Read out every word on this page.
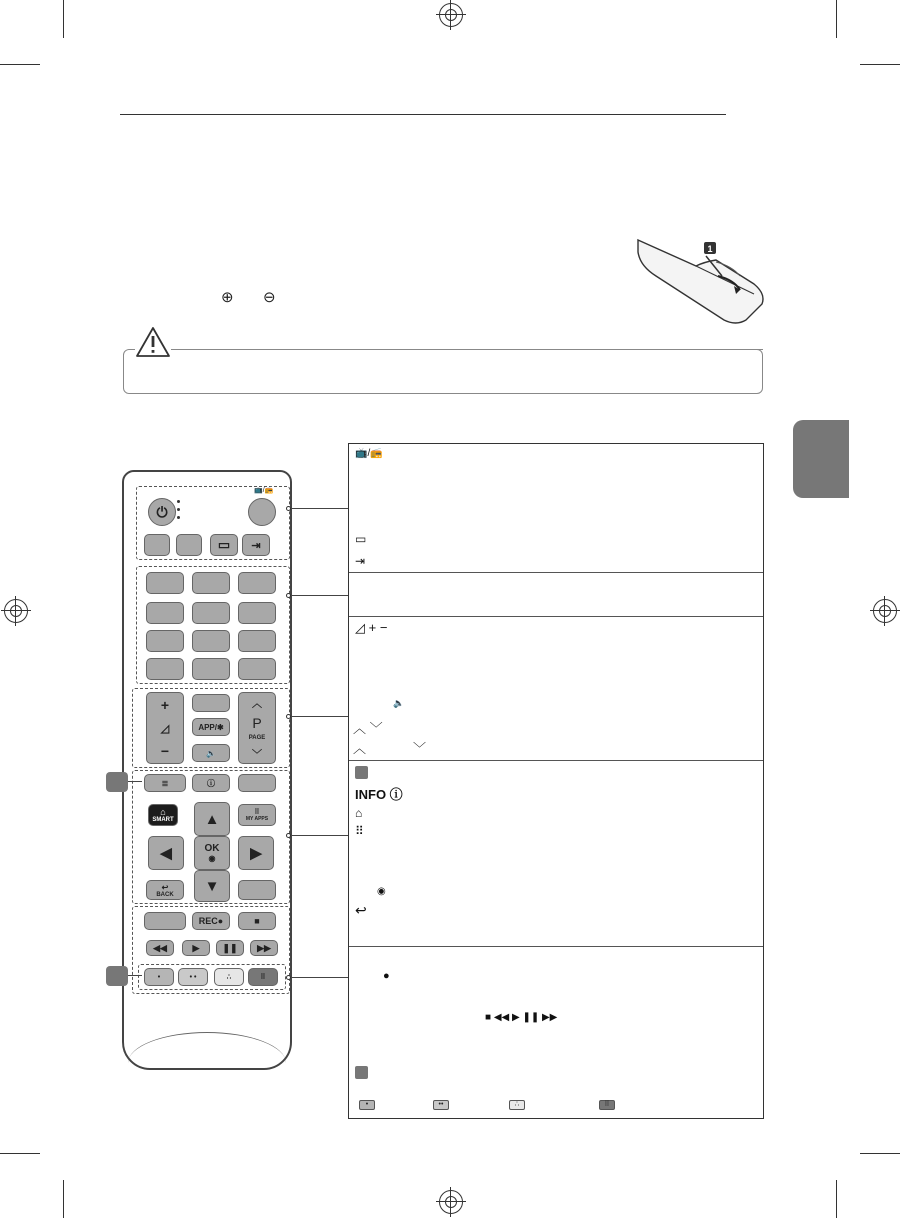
⊕ ⊖
1
⏻
📺/📻
▭	⇥
+
◿
−
APP/✱
🔈
︿
P
PAGE
﹀
≣	ⓘ
⌂
SMART
⠿
MY APPS
▲
◀	OK
◉	▶
▼
↩
BACK
REC●	■
◀◀	▶	❚❚	▶▶
•	• •	∴	⠿
📺/📻
▭
⇥
◿ + −
🔈
︿ ﹀
︿	﹀
INFO ⓘ
⌂
⠿
◉
↩
●
■ ◀◀ ▶ ❚❚ ▶▶
•	••	∴	⠿
